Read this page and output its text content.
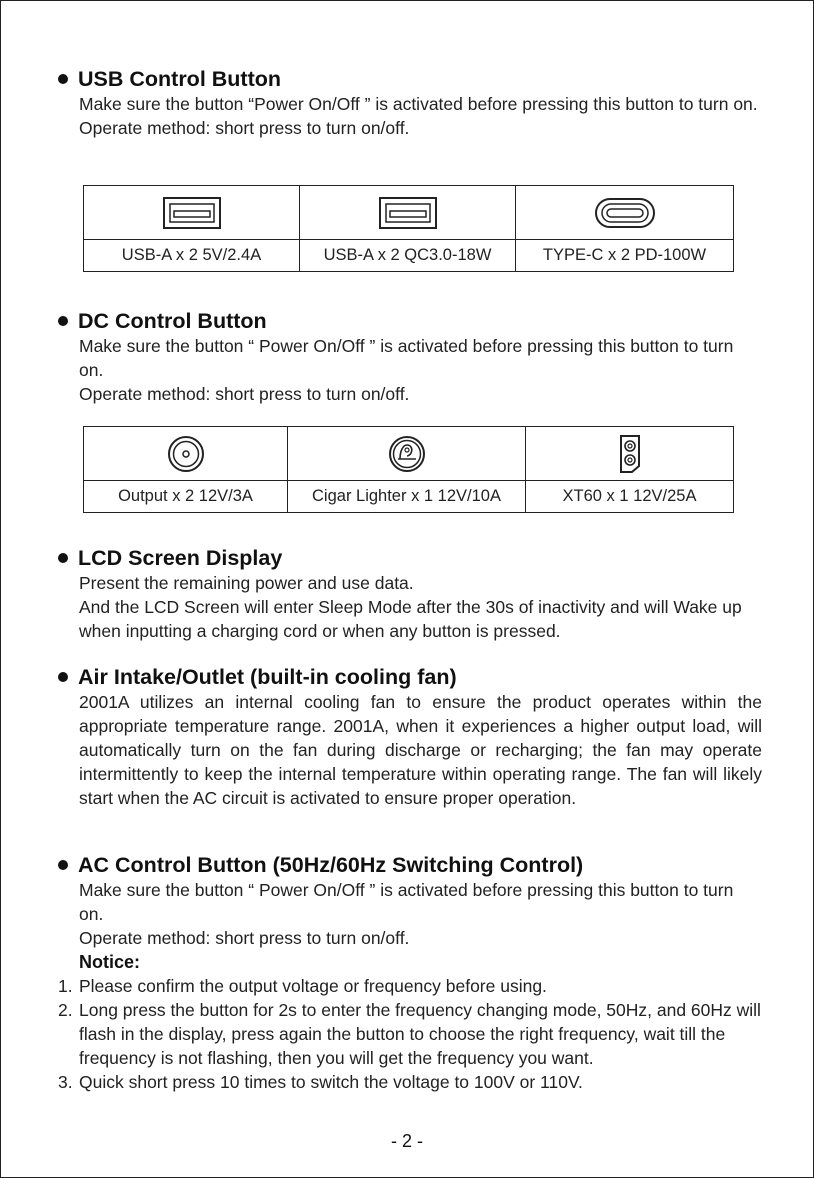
USB Control Button
Make sure the button “Power On/Off ” is activated before pressing this button to turn on.
Operate method: short press to turn on/off.

USB-A x 2 5V/2.4A	USB-A x 2 QC3.0-18W	TYPE-C x 2 PD-100W
DC Control Button
Make sure the button “ Power On/Off ” is activated before pressing this button to turn on.
Operate method: short press to turn on/off.

Output x 2 12V/3A	Cigar Lighter x 1 12V/10A	XT60 x 1 12V/25A
LCD Screen Display
Present the remaining power and use data.
And the LCD Screen will enter Sleep Mode after the 30s of inactivity and will Wake up when inputting a charging cord or when any button is pressed.
Air Intake/Outlet (built-in cooling fan)
2001A utilizes an internal cooling fan to ensure the product operates within the appropriate temperature range. 2001A, when it experiences a higher output load, will automatically turn on the fan during discharge or recharging; the fan may operate intermittently to keep the internal temperature within operating range. The fan will likely start when the AC circuit is activated to ensure proper operation.
AC Control Button (50Hz/60Hz Switching Control)
Make sure the button “ Power On/Off ” is activated before pressing this button to turn on.
Operate method: short press to turn on/off.
Notice:
1. Please confirm the output voltage or frequency before using.
2. Long press the button for 2s to enter the frequency changing mode, 50Hz, and 60Hz will flash in the display, press again the button to choose the right frequency, wait till the frequency is not flashing, then you will get the frequency you want.
3. Quick short press 10 times to switch the voltage to 100V or 110V.
- 2 -
